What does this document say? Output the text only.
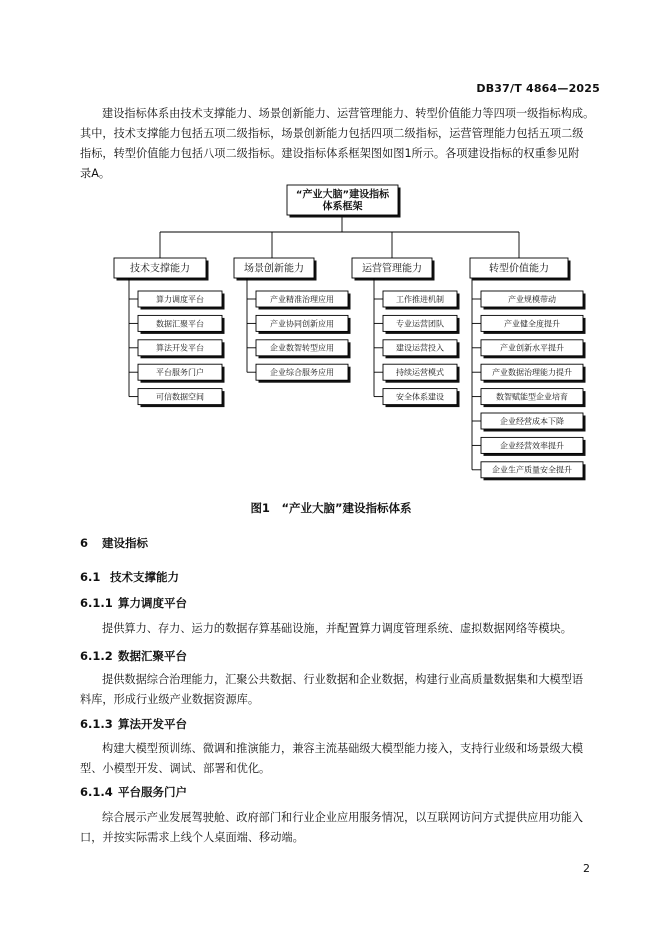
DB37/T 4864—2025
建设指标体系由技术支撑能力、场景创新能力、运营管理能力、转型价值能力等四项一级指标构成。
其中，技术支撑能力包括五项二级指标，场景创新能力包括四项二级指标，运营管理能力包括五项二级
指标，转型价值能力包括八项二级指标。建设指标体系框架图如图1所示。各项建设指标的权重参见附
录A。
“产业大脑”建设指标
体系框架
技术支撑能力
算力调度平台
数据汇聚平台
算法开发平台
平台服务门户
可信数据空间
场景创新能力
产业精准治理应用
产业协同创新应用
企业数智转型应用
企业综合服务应用
运营管理能力
工作推进机制
专业运营团队
建设运营投入
持续运营模式
安全体系建设
转型价值能力
产业规模带动
产业健全度提升
产业创新水平提升
产业数据治理能力提升
数智赋能型企业培育
企业经营成本下降
企业经营效率提升
企业生产质量安全提升
图1　“产业大脑”建设指标体系
6 建设指标
6.1 技术支撑能力
6.1.1 算力调度平台
提供算力、存力、运力的数据存算基础设施，并配置算力调度管理系统、虚拟数据网络等模块。
6.1.2 数据汇聚平台
提供数据综合治理能力，汇聚公共数据、行业数据和企业数据，构建行业高质量数据集和大模型语
料库，形成行业级产业数据资源库。
6.1.3 算法开发平台
构建大模型预训练、微调和推演能力，兼容主流基础级大模型能力接入，支持行业级和场景级大模
型、小模型开发、调试、部署和优化。
6.1.4 平台服务门户
综合展示产业发展驾驶舱、政府部门和行业企业应用服务情况，以互联网访问方式提供应用功能入
口，并按实际需求上线个人桌面端、移动端。
2
